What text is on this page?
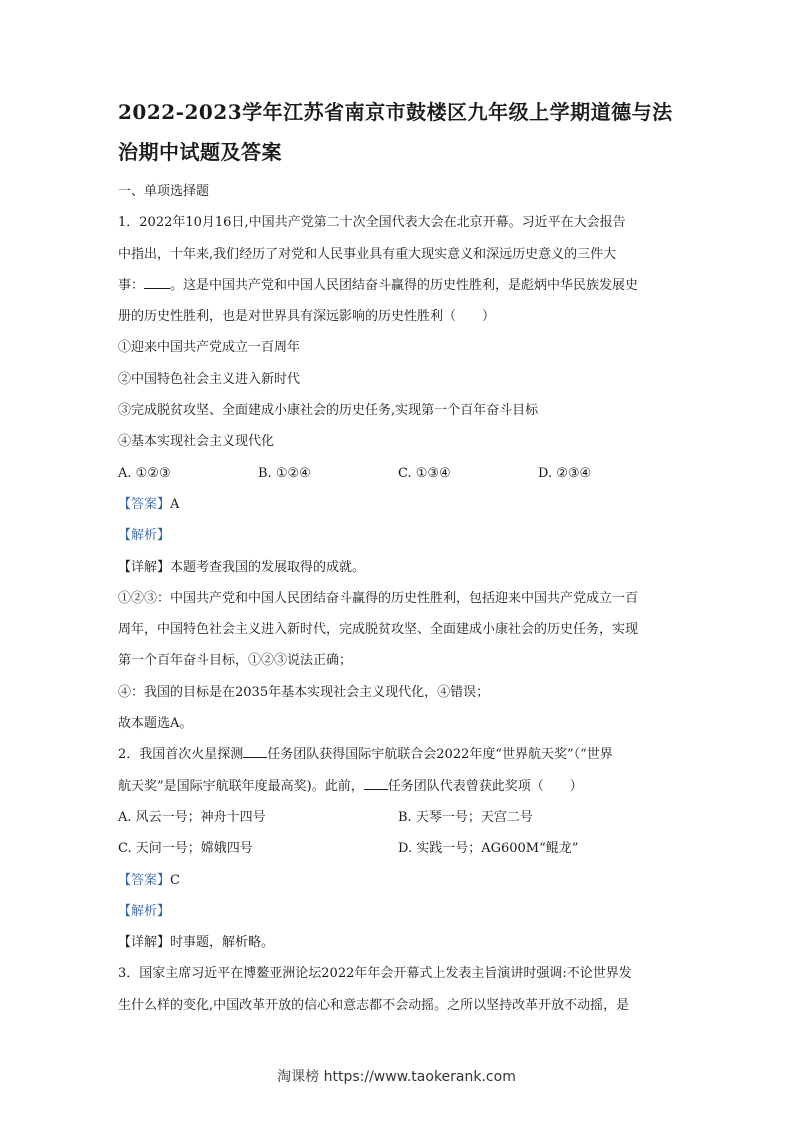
2022-2023学年江苏省南京市鼓楼区九年级上学期道德与法
治期中试题及答案
一、单项选择题
1．2022年10月16日,中国共产党第二十次全国代表大会在北京开幕。习近平在大会报告
中指出，十年来,我们经历了对党和人民事业具有重大现实意义和深远历史意义的三件大
事： 。这是中国共产党和中国人民团结奋斗赢得的历史性胜利，是彪炳中华民族发展史
册的历史性胜利，也是对世界具有深远影响的历史性胜利（　　）
①迎来中国共产党成立一百周年
②中国特色社会主义进入新时代
③完成脱贫攻坚、全面建成小康社会的历史任务,实现第一个百年奋斗目标
④基本实现社会主义现代化
A. ①②③	B. ①②④	C. ①③④	D. ②③④
【答案】A
【解析】
【详解】本题考查我国的发展取得的成就。
①②③：中国共产党和中国人民团结奋斗赢得的历史性胜利，包括迎来中国共产党成立一百
周年，中国特色社会主义进入新时代，完成脱贫攻坚、全面建成小康社会的历史任务，实现
第一个百年奋斗目标，①②③说法正确；
④：我国的目标是在2035年基本实现社会主义现代化，④错误；
故本题选A。
2．我国首次火星探测 任务团队获得国际宇航联合会2022年度“世界航天奖”（“世界
航天奖”是国际宇航联年度最高奖)。此前， 任务团队代表曾获此奖项（　　）
A. 风云一号；神舟十四号	B. 天琴一号；天宫二号
C. 天问一号；嫦娥四号	D. 实践一号；AG600M“鲲龙”
【答案】C
【解析】
【详解】时事题，解析略。
3．国家主席习近平在博鳌亚洲论坛2022年年会开幕式上发表主旨演讲时强调:不论世界发
生什么样的变化,中国改革开放的信心和意志都不会动摇。之所以坚持改革开放不动摇，是
淘课榜 https://www.taokerank.com
